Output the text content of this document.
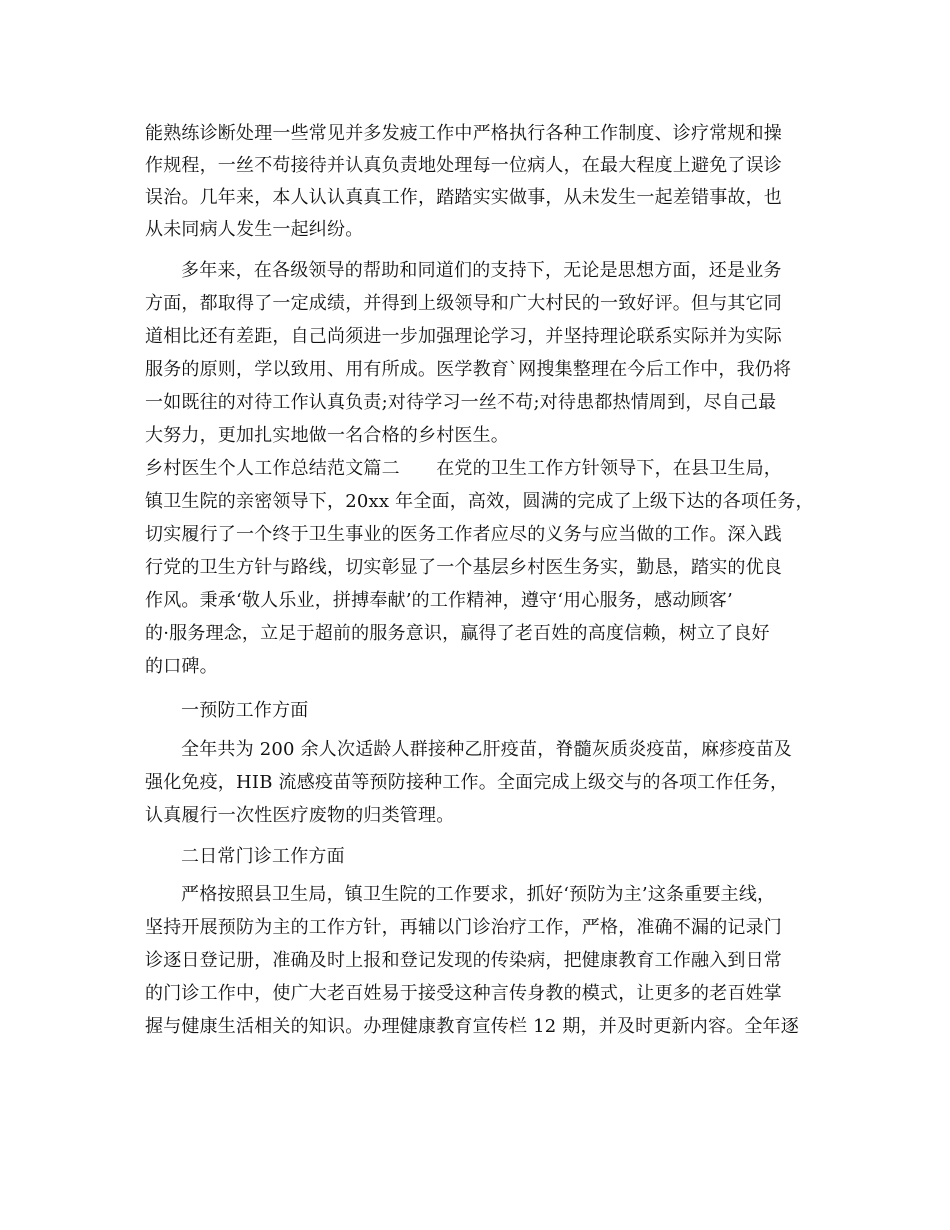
能熟练诊断处理一些常见并多发疲工作中严格执行各种工作制度、诊疗常规和操
作规程，一丝不苟接待并认真负责地处理每一位病人，在最大程度上避免了误诊
误治。几年来，本人认认真真工作，踏踏实实做事，从未发生一起差错事故，也
从未同病人发生一起纠纷。
多年来，在各级领导的帮助和同道们的支持下，无论是思想方面，还是业务
方面，都取得了一定成绩，并得到上级领导和广大村民的一致好评。但与其它同
道相比还有差距，自己尚须进一步加强理论学习，并坚持理论联系实际并为实际
服务的原则，学以致用、用有所成。医学教育`网搜集整理在今后工作中，我仍将
一如既往的对待工作认真负责;对待学习一丝不苟;对待患都热情周到，尽自己最
大努力，更加扎实地做一名合格的乡村医生。
乡村医生个人工作总结范文篇二　　在党的卫生工作方针领导下，在县卫生局，
镇卫生院的亲密领导下，20xx 年全面，高效，圆满的完成了上级下达的各项任务，
切实履行了一个终于卫生事业的医务工作者应尽的义务与应当做的工作。深入践
行党的卫生方针与路线，切实彰显了一个基层乡村医生务实，勤恳，踏实的优良
作风。秉承‘敬人乐业，拼搏奉献’的工作精神，遵守‘用心服务，感动顾客’
的·服务理念，立足于超前的服务意识，赢得了老百姓的高度信赖，树立了良好
的口碑。
一预防工作方面
全年共为 200 余人次适龄人群接种乙肝疫苗，脊髓灰质炎疫苗，麻疹疫苗及
强化免疫，HIB 流感疫苗等预防接种工作。全面完成上级交与的各项工作任务，
认真履行一次性医疗废物的归类管理。
二日常门诊工作方面
严格按照县卫生局，镇卫生院的工作要求，抓好‘预防为主’这条重要主线，
坚持开展预防为主的工作方针，再辅以门诊治疗工作，严格，准确不漏的记录门
诊逐日登记册，准确及时上报和登记发现的传染病，把健康教育工作融入到日常
的门诊工作中，使广大老百姓易于接受这种言传身教的模式，让更多的老百姓掌
握与健康生活相关的知识。办理健康教育宣传栏 12 期，并及时更新内容。全年逐
